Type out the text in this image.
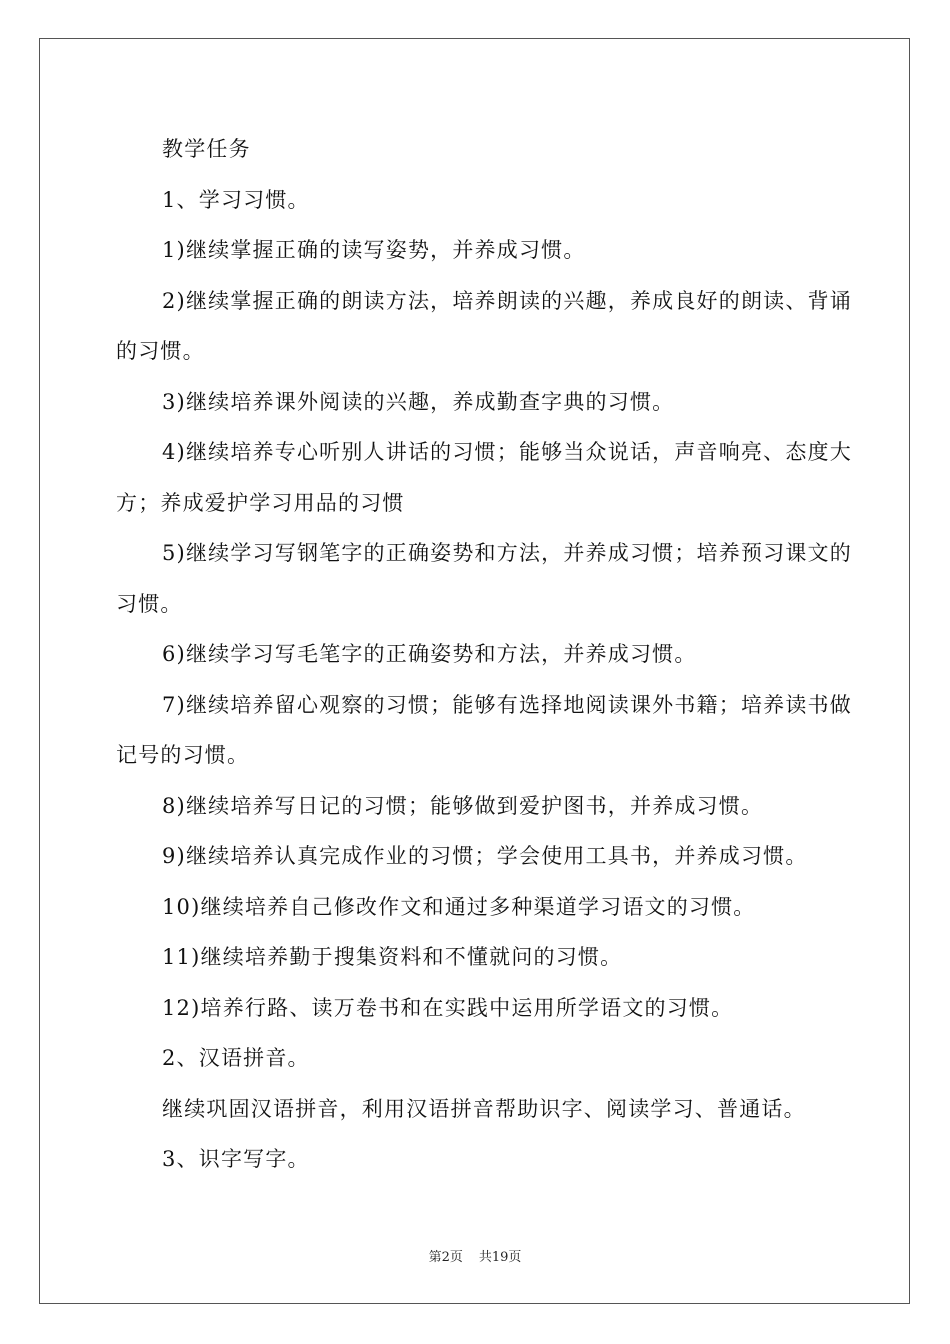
教学任务

1、学习习惯。

1)继续掌握正确的读写姿势，并养成习惯。

2)继续掌握正确的朗读方法，培养朗读的兴趣，养成良好的朗读、背诵的习惯。

3)继续培养课外阅读的兴趣，养成勤查字典的习惯。

4)继续培养专心听别人讲话的习惯；能够当众说话，声音响亮、态度大方；养成爱护学习用品的习惯

5)继续学习写钢笔字的正确姿势和方法，并养成习惯；培养预习课文的习惯。

6)继续学习写毛笔字的正确姿势和方法，并养成习惯。

7)继续培养留心观察的习惯；能够有选择地阅读课外书籍；培养读书做记号的习惯。

8)继续培养写日记的习惯；能够做到爱护图书，并养成习惯。

9)继续培养认真完成作业的习惯；学会使用工具书，并养成习惯。

10)继续培养自己修改作文和通过多种渠道学习语文的习惯。

11)继续培养勤于搜集资料和不懂就问的习惯。

12)培养行路、读万卷书和在实践中运用所学语文的习惯。

2、汉语拼音。

继续巩固汉语拼音，利用汉语拼音帮助识字、阅读学习、普通话。

3、识字写字。

第2页 共19页
